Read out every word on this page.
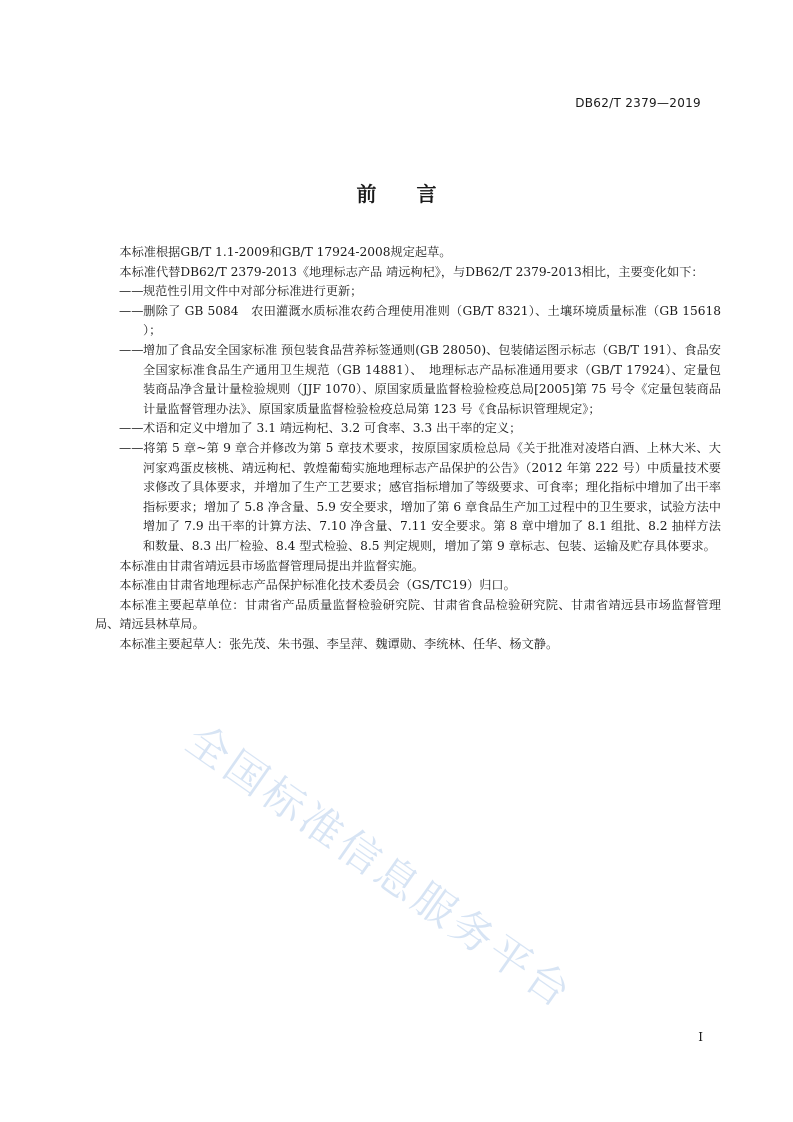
DB62/T 2379—2019
前言

本标准根据GB/T 1.1-2009和GB/T 17924-2008规定起草。

本标准代替DB62/T 2379-2013《地理标志产品 靖远枸杞》，与DB62/T 2379-2013相比，主要变化如下：

——规范性引用文件中对部分标准进行更新；

——删除了 GB 5084　农田灌溉水质标准农药合理使用准则（GB/T 8321）、土壤环境质量标准（GB 15618 ）；

——增加了食品安全国家标准 预包装食品营养标签通则(GB 28050)、包装储运图示标志（GB/T 191）、食品安全国家标准食品生产通用卫生规范（GB 14881）、　地理标志产品标准通用要求（GB/T 17924）、定量包装商品净含量计量检验规则（JJF 1070）、原国家质量监督检验检疫总局[2005]第 75 号令《定量包装商品计量监督管理办法》、原国家质量监督检验检疫总局第 123 号《食品标识管理规定》；

——术语和定义中增加了 3.1 靖远枸杞、3.2 可食率、3.3 出干率的定义；

——将第 5 章~第 9 章合并修改为第 5 章技术要求，按原国家质检总局《关于批准对凌塔白酒、上林大米、大河家鸡蛋皮核桃、靖远枸杞、敦煌葡萄实施地理标志产品保护的公告》（2012 年第 222 号）中质量技术要求修改了具体要求，并增加了生产工艺要求；感官指标增加了等级要求、可食率；理化指标中增加了出干率指标要求；增加了 5.8 净含量、5.9 安全要求，增加了第 6 章食品生产加工过程中的卫生要求，试验方法中增加了 7.9 出干率的计算方法、7.10 净含量、7.11 安全要求。第 8 章中增加了 8.1 组批、8.2 抽样方法和数量、8.3 出厂检验、8.4 型式检验、8.5 判定规则，增加了第 9 章标志、包装、运输及贮存具体要求。

本标准由甘肃省靖远县市场监督管理局提出并监督实施。

本标准由甘肃省地理标志产品保护标准化技术委员会（GS/TC19）归口。

本标准主要起草单位：甘肃省产品质量监督检验研究院、甘肃省食品检验研究院、甘肃省靖远县市场监督管理局、靖远县林草局。

本标准主要起草人：张先茂、朱书强、李呈萍、魏谭勋、李统林、任华、杨文静。

全国标准信息服务平台
I
